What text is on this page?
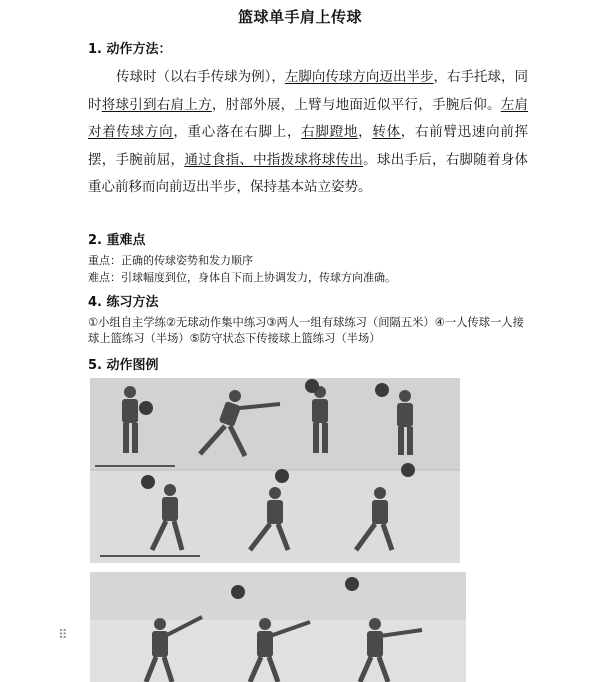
篮球单手肩上传球
1. 动作方法：
传球时（以右手传球为例），左脚向传球方向迈出半步，右手托球，同时将球引到右肩上方，肘部外展，上臂与地面近似平行，手腕后仰。左肩对着传球方向，重心落在右脚上，右脚蹬地，转体，右前臂迅速向前挥摆，手腕前屈，通过食指、中指拨球将球传出。球出手后，右脚随着身体重心前移而向前迈出半步，保持基本站立姿势。
2. 重难点
重点：正确的传球姿势和发力顺序
难点：引球幅度到位，身体自下而上协调发力，传球方向准确。
4. 练习方法
①小组自主学练②无球动作集中练习③两人一组有球练习（间隔五米）④一人传球一人接球上篮练习（半场）⑤防守状态下传接球上篮练习（半场）
5. 动作图例
⠿
